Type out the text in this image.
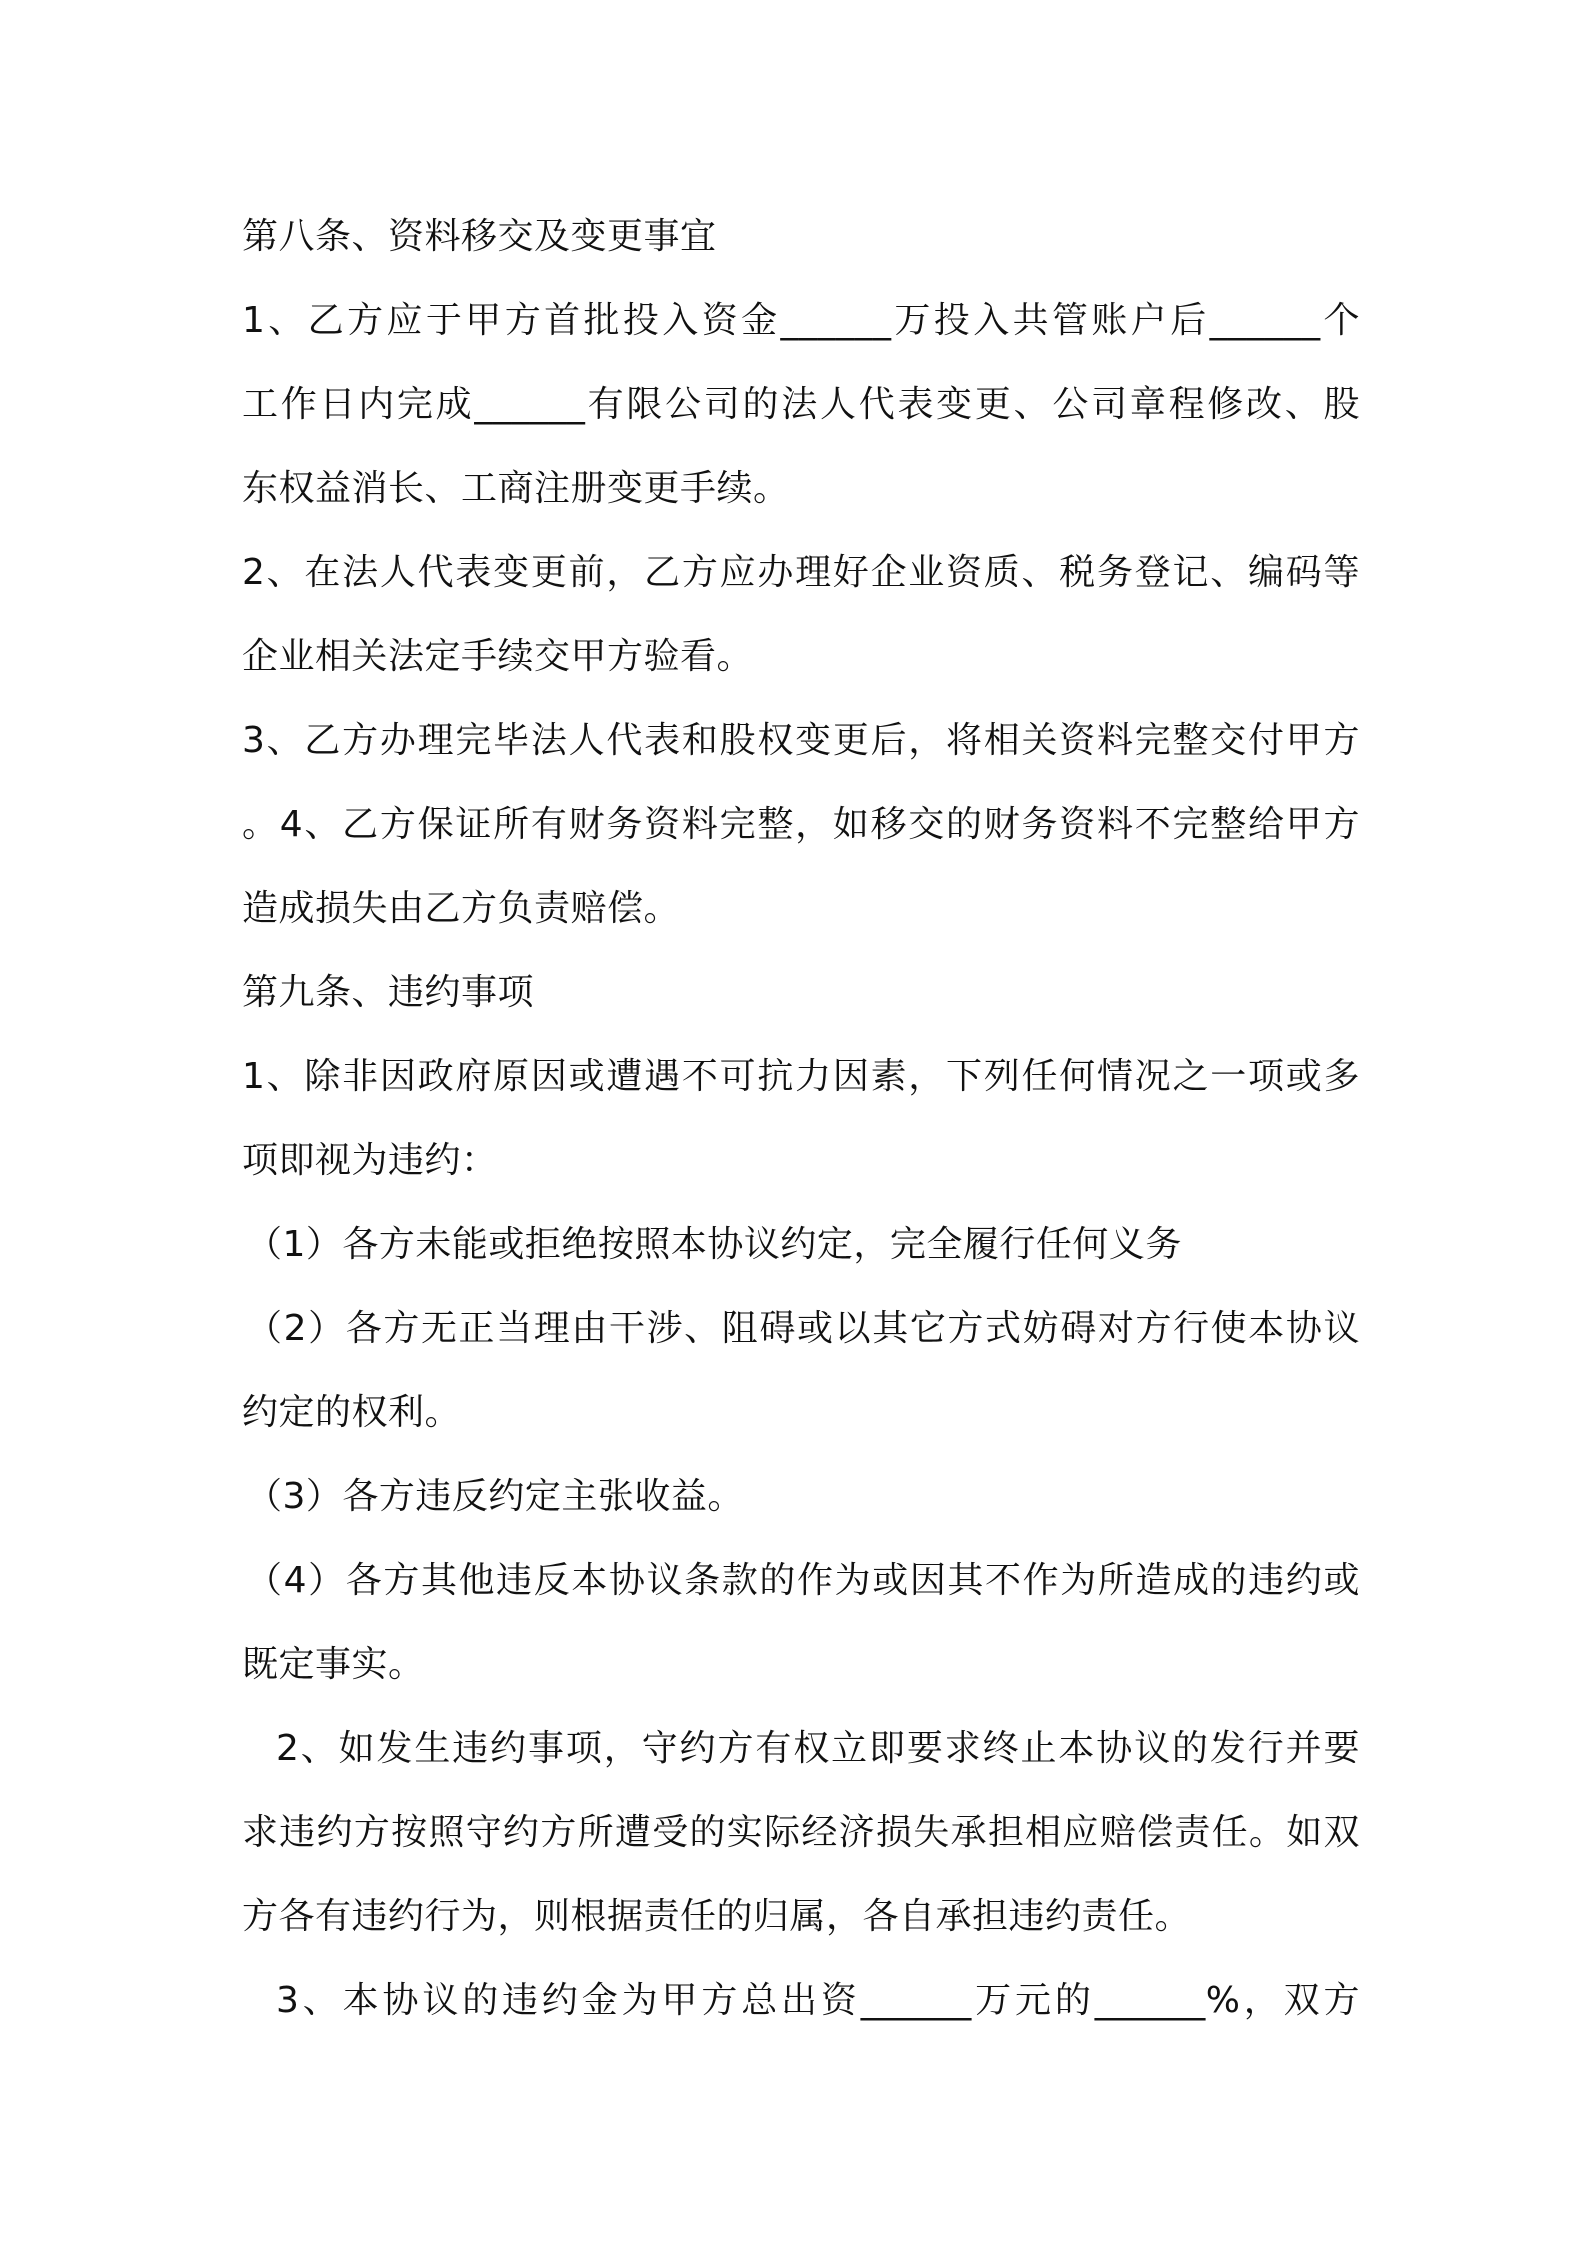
第八条、资料移交及变更事宜
1、乙方应于甲方首批投入资金______万投入共管账户后______个
工作日内完成______有限公司的法人代表变更、公司章程修改、股
东权益消长、工商注册变更手续。
2、在法人代表变更前，乙方应办理好企业资质、税务登记、编码等
企业相关法定手续交甲方验看。
3、乙方办理完毕法人代表和股权变更后，将相关资料完整交付甲方
。4、乙方保证所有财务资料完整，如移交的财务资料不完整给甲方
造成损失由乙方负责赔偿。
第九条、违约事项
1、除非因政府原因或遭遇不可抗力因素，下列任何情况之一项或多
项即视为违约：
（1）各方未能或拒绝按照本协议约定，完全履行任何义务
（2）各方无正当理由干涉、阻碍或以其它方式妨碍对方行使本协议
约定的权利。
（3）各方违反约定主张收益。
（4）各方其他违反本协议条款的作为或因其不作为所造成的违约或
既定事实。
2、如发生违约事项，守约方有权立即要求终止本协议的发行并要
求违约方按照守约方所遭受的实际经济损失承担相应赔偿责任。如双
方各有违约行为，则根据责任的归属，各自承担违约责任。
3、本协议的违约金为甲方总出资______万元的______%，双方
